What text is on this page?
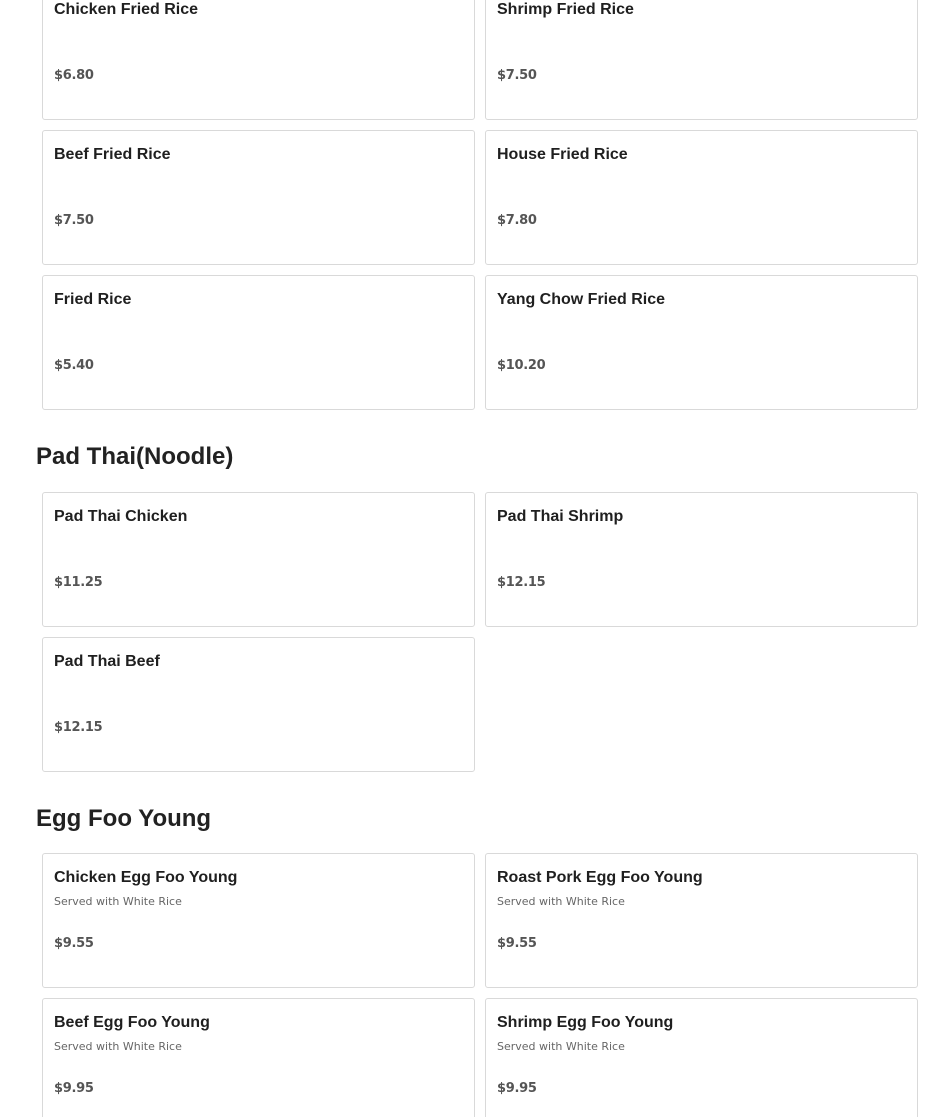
Chicken Fried Rice
$6.80
Shrimp Fried Rice
$7.50
Beef Fried Rice
$7.50
House Fried Rice
$7.80
Fried Rice
$5.40
Yang Chow Fried Rice
$10.20
Pad Thai(Noodle)
Pad Thai Chicken
$11.25
Pad Thai Shrimp
$12.15
Pad Thai Beef
$12.15
Egg Foo Young
Chicken Egg Foo Young
Served with White Rice
$9.55
Roast Pork Egg Foo Young
Served with White Rice
$9.55
Beef Egg Foo Young
Served with White Rice
$9.95
Shrimp Egg Foo Young
Served with White Rice
$9.95
